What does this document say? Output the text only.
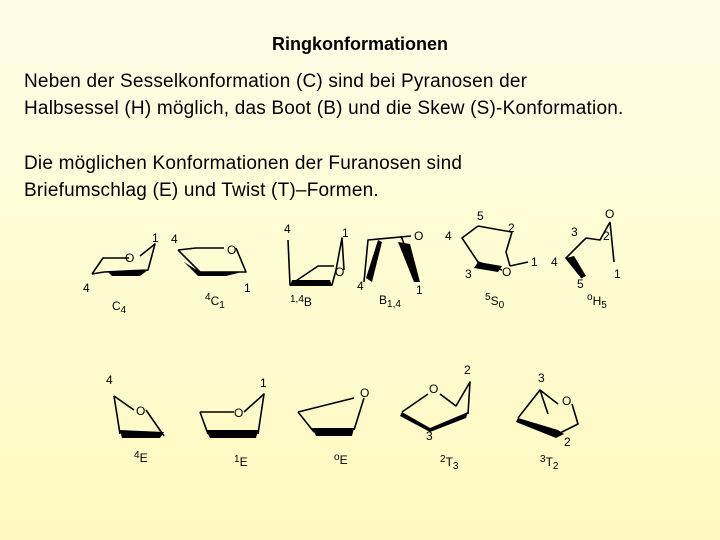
Ringkonformationen
Neben der Sesselkonformation (C) sind bei Pyranosen der
Halbsessel (H) möglich, das Boot (B) und die Skew (S)-Konformation.
Die möglichen Konformationen der Furanosen sind
Briefumschlag (E) und Twist (T)–Formen.
O
1
4
O
1
4
O
1
4	O
1
4
O
1
2
3
4
5	O
1
2
3
4
5
$C_4$
$^4C_1$
$^{1,4}$B	$B_{1,4}$
$^5S_0$
$^oH_5$
O
4
O
1
O	O
2
3
O
3
2
$^4$E	$^1$E	$^o$E	$^2T_3$
$^3T_2$
